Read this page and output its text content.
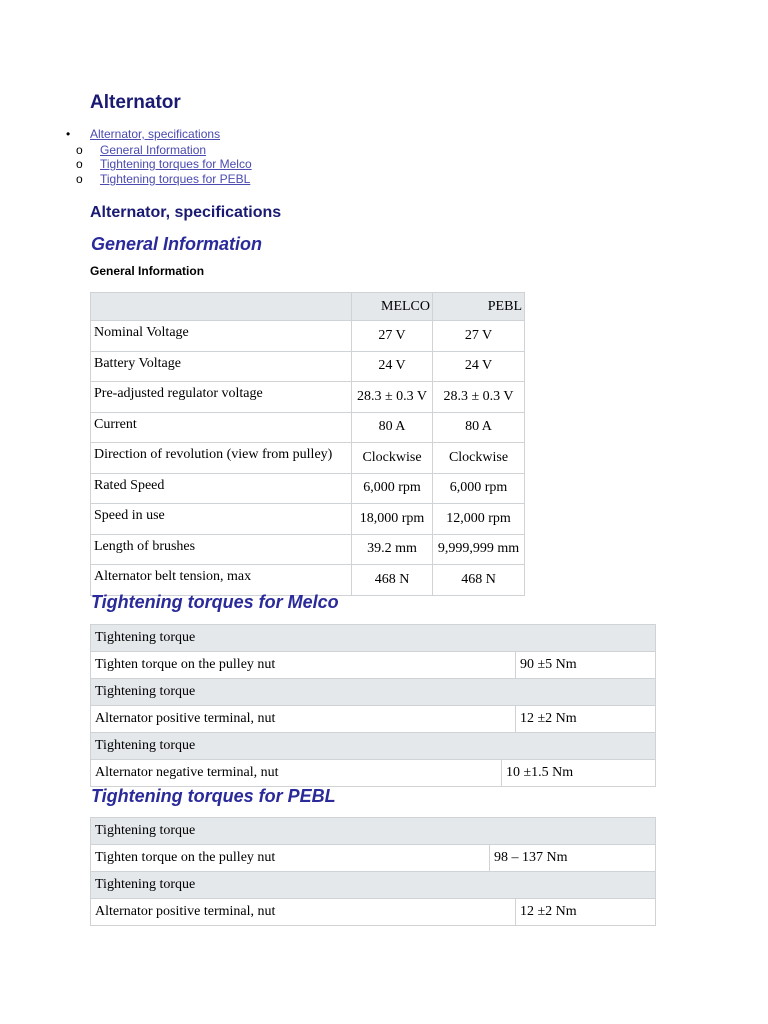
Alternator
• Alternator, specifications
o General Information
o Tightening torques for Melco
o Tightening torques for PEBL
Alternator, specifications
General Information
General Information
	MELCO	PEBL
Nominal Voltage	27 V	27 V
Battery Voltage	24 V	24 V
Pre-adjusted regulator voltage	28.3 ± 0.3 V	28.3 ± 0.3 V
Current	80 A	80 A
Direction of revolution (view from pulley)	Clockwise	Clockwise
Rated Speed	6,000 rpm	6,000 rpm
Speed in use	18,000 rpm	12,000 rpm
Length of brushes	39.2 mm	9,999,999 mm
Alternator belt tension, max	468 N	468 N
Tightening torques for Melco
Tightening torque
Tighten torque on the pulley nut	90 ±5 Nm
Tightening torque
Alternator positive terminal, nut	12 ±2 Nm
Tightening torque
Alternator negative terminal, nut	10 ±1.5 Nm
Tightening torques for PEBL
Tightening torque
Tighten torque on the pulley nut	98 – 137 Nm
Tightening torque
Alternator positive terminal, nut	12 ±2 Nm
